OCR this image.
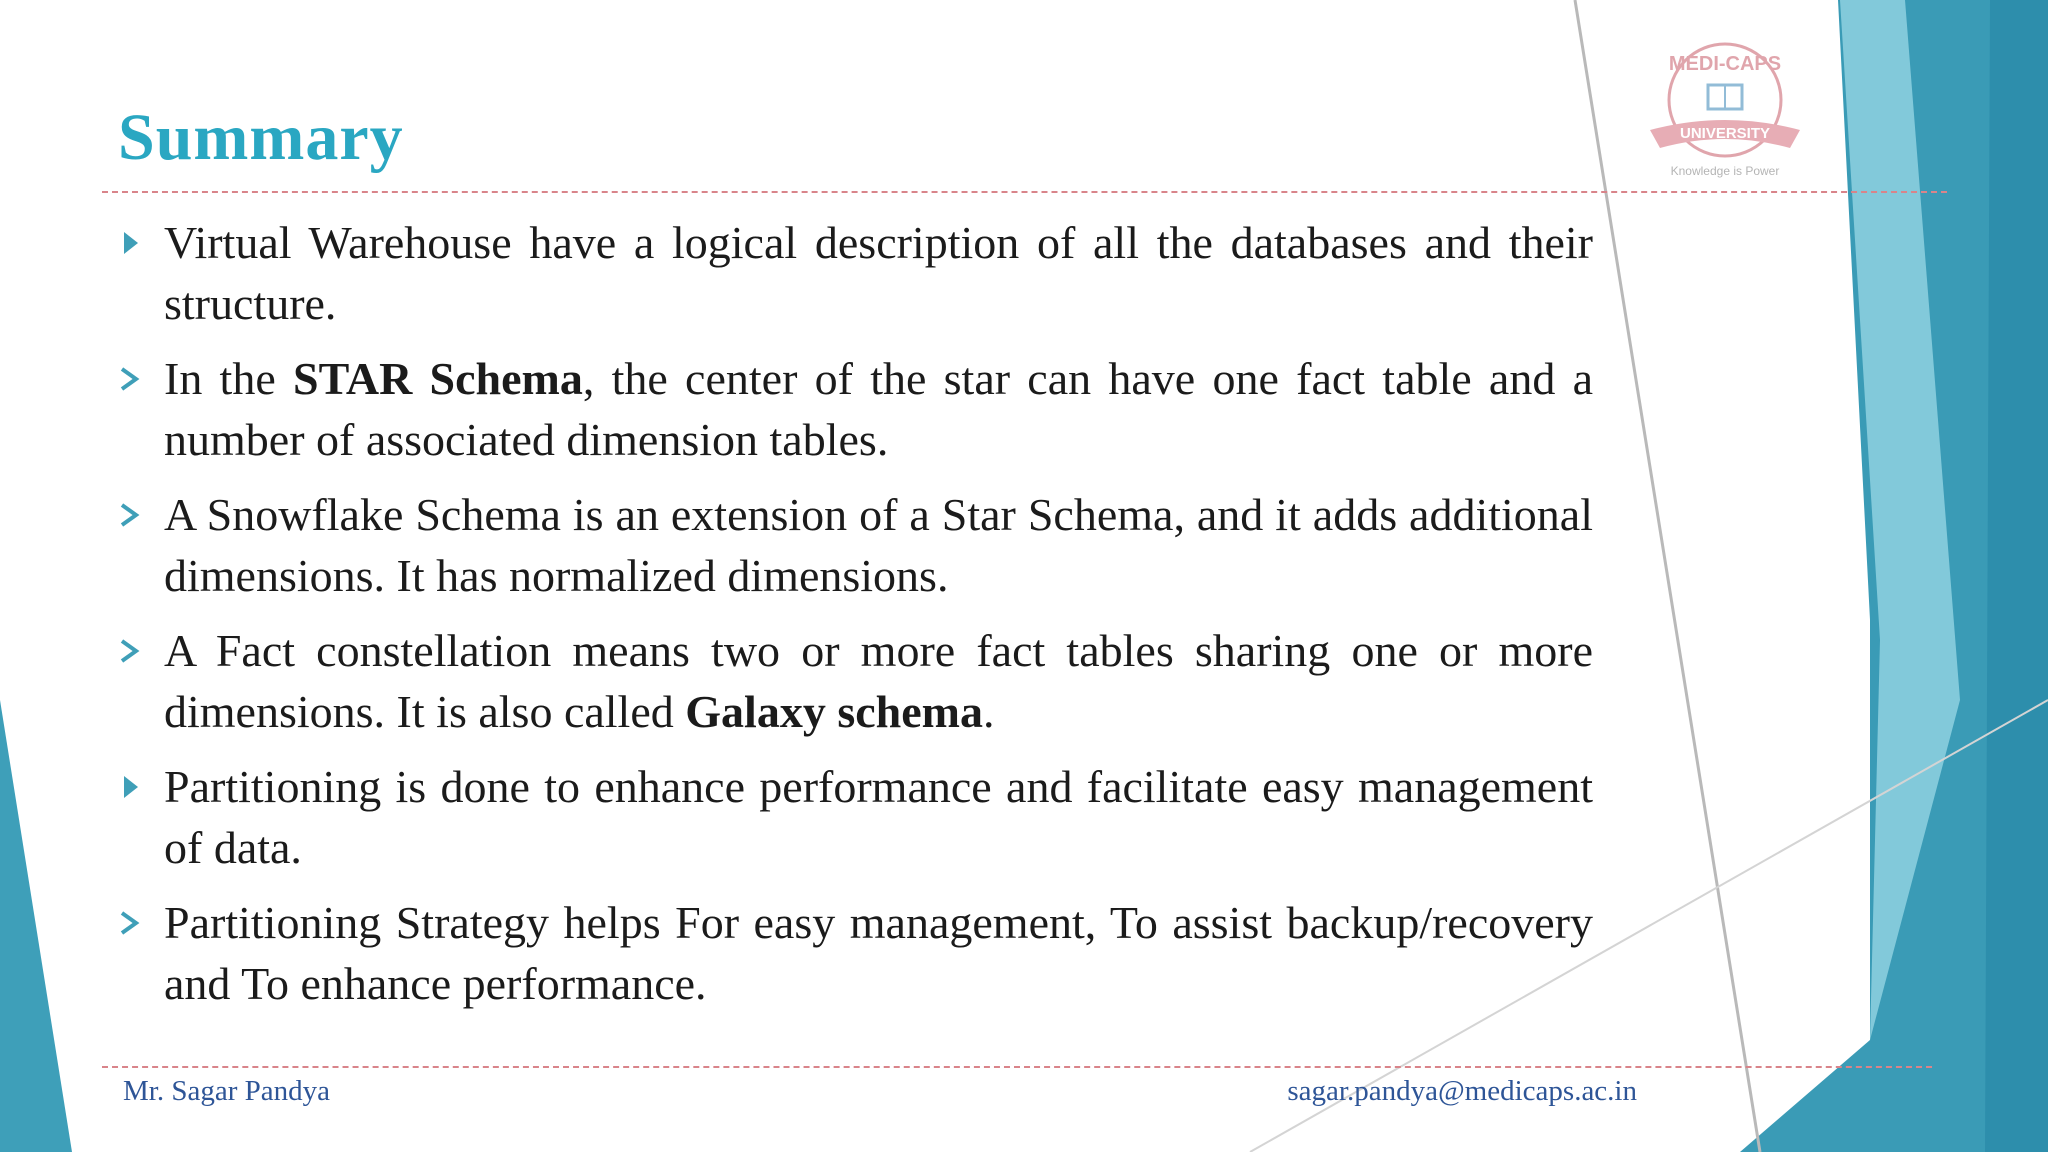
MEDI-CAPS
UNIVERSITY
Knowledge is Power
Summary
Virtual Warehouse have a logical description of all the databases and their structure.
In the STAR Schema, the center of the star can have one fact table and a number of associated dimension tables.
A Snowflake Schema is an extension of a Star Schema, and it adds additional dimensions. It has normalized dimensions.
A Fact constellation means two or more fact tables sharing one or more dimensions. It is also called Galaxy schema.
Partitioning is done to enhance performance and facilitate easy management of data.
Partitioning Strategy helps For easy management, To assist backup/recovery and To enhance performance.
Mr. Sagar Pandya	sagar.pandya@medicaps.ac.in
